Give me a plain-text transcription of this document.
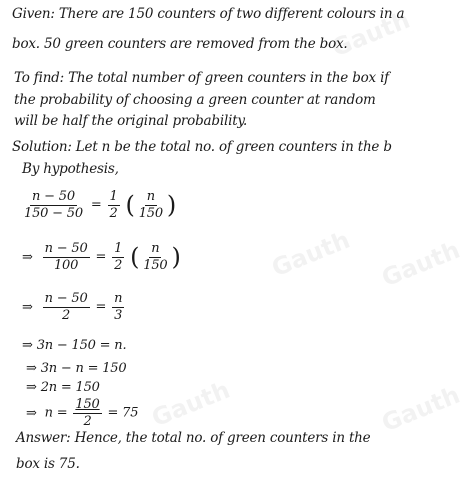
Gauth
Gauth Gauth
Gauth	Gauth
Given: There are 150 counters of two different colours in a
box. 50 green counters are removed from the box.
To find: The total number of green counters in the box if
the probability of choosing a green counter at random
will be half the original probability.
Solution: Let n be the total no. of green counters in the b
By hypothesis,
$\frac{n - 50}{150 - 50} = \frac{1}{2}$ ( $\frac{n}{150}$ )
⇒ $\frac{n - 50}{100} = \frac{1}{2}$ ( $\frac{n}{150}$ )
⇒ $\frac{n - 50}{2} = \frac{n}{3}$
⇒ 3n − 150 = n.
⇒ 3n − n = 150
⇒ 2n = 150
⇒ $n = \frac{150}{2} = 75$
Answer: Hence, the total no. of green counters in the
box is 75.
